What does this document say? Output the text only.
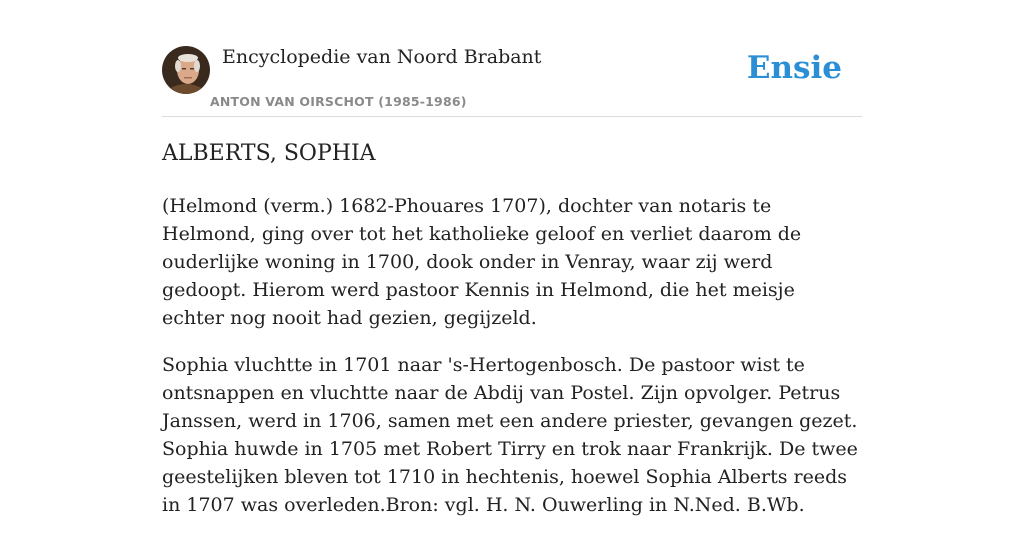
Encyclopedie van Noord Brabant
ANTON VAN OIRSCHOT (1985-1986)
Ensie
ALBERTS, SOPHIA

(Helmond (verm.) 1682-Phouares 1707), dochter van notaris te Helmond, ging over tot het katholieke geloof en verliet daarom de ouderlijke woning in 1700, dook onder in Venray, waar zij werd gedoopt. Hierom werd pastoor Kennis in Helmond, die het meisje echter nog nooit had gezien, gegijzeld.

Sophia vluchtte in 1701 naar 's-Hertogenbosch. De pastoor wist te ontsnappen en vluchtte naar de Abdij van Postel. Zijn opvolger. Petrus Janssen, werd in 1706, samen met een andere priester, gevangen gezet. Sophia huwde in 1705 met Robert Tirry en trok naar Frankrijk. De twee geestelijken bleven tot 1710 in hechtenis, hoewel Sophia Alberts reeds in 1707 was overleden.Bron: vgl. H. N. Ouwerling in N.Ned. B.Wb.
